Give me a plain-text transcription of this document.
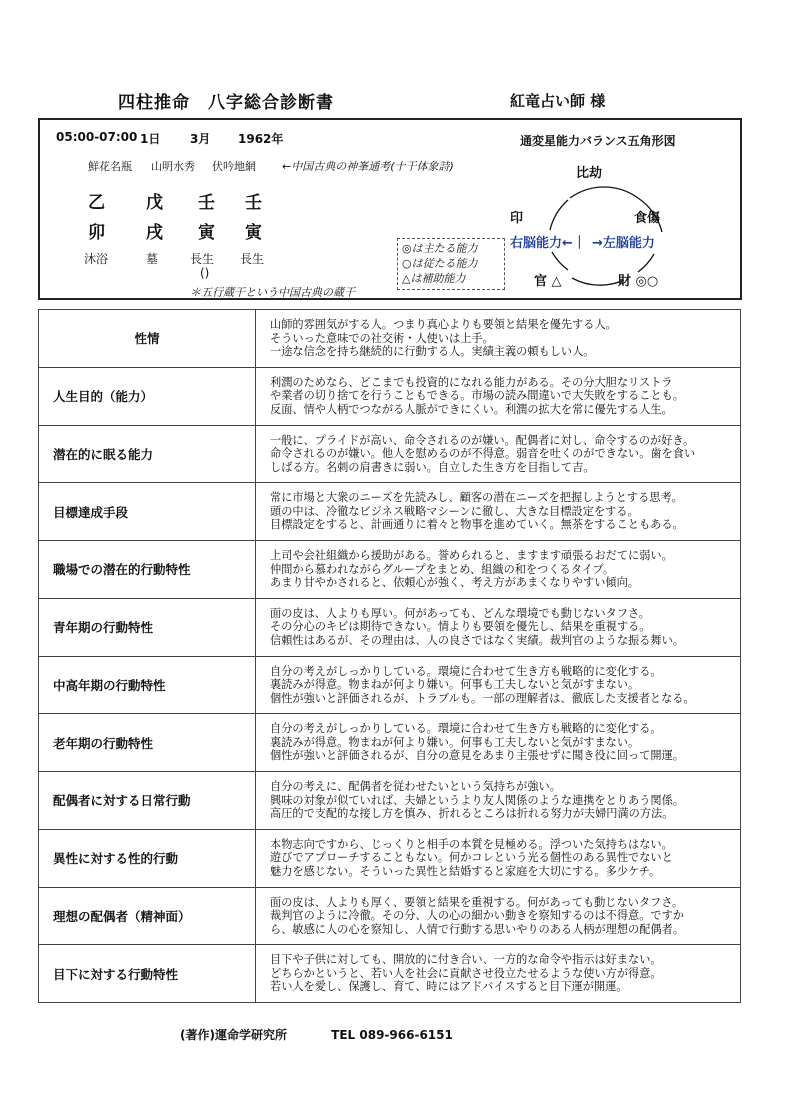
四柱推命　八字総合診断書	紅竜占い師 様
05:00-07:00 1日 3月 1962年
鮮花名瓶 山明水秀 伏吟地網 ←中国古典の神峯通考(十干体象詩)
乙 戊 壬 壬
卯 戌 寅 寅
沐浴	墓	長生 長生
()
＊五行蔵干という中国古典の蔵干
◎は主たる能力
○は従たる能力
△は補助能力
通変星能力バランス五角形図
比劫
印	食傷
右脳能力←｜ →左脳能力
官 △	財 ◎○
性情	山師的雰囲気がする人。つまり真心よりも要領と結果を優先する人。
そういった意味での社交術・人使いは上手。
一途な信念を持ち継続的に行動する人。実績主義の頼もしい人。

人生目的（能力）	利潤のためなら、どこまでも投資的になれる能力がある。その分大胆なリストラ
や業者の切り捨てを行うこともできる。市場の読み間違いで大失敗をすることも。
反面、情や人柄でつながる人脈ができにくい。利潤の拡大を常に優先する人生。

潜在的に眠る能力	一般に、プライドが高い、命令されるのが嫌い。配偶者に対し、命令するのが好き。
命令されるのが嫌い。他人を慰めるのが不得意。弱音を吐くのができない。歯を食い
しばる方。名刺の肩書きに弱い。自立した生き方を目指して吉。

目標達成手段	常に市場と大衆のニーズを先読みし、顧客の潜在ニーズを把握しようとする思考。
頭の中は、冷徹なビジネス戦略マシーンに徹し、大きな目標設定をする。
目標設定をすると、計画通りに着々と物事を進めていく。無茶をすることもある。

職場での潜在的行動特性	上司や会社組織から援助がある。誉められると、ますます頑張るおだてに弱い。
仲間から慕われながらグループをまとめ、組織の和をつくるタイプ。
あまり甘やかされると、依頼心が強く、考え方があまくなりやすい傾向。

青年期の行動特性	面の皮は、人よりも厚い。何があっても、どんな環境でも動じないタフさ。
その分心のキビは期待できない。情よりも要領を優先し、結果を重視する。
信頼性はあるが、その理由は、人の良さではなく実績。裁判官のような振る舞い。

中高年期の行動特性	自分の考えがしっかりしている。環境に合わせて生き方も戦略的に変化する。
裏読みが得意。物まねが何より嫌い。何事も工夫しないと気がすまない。
個性が強いと評価されるが、トラブルも。一部の理解者は、徹底した支援者となる。

老年期の行動特性	自分の考えがしっかりしている。環境に合わせて生き方も戦略的に変化する。
裏読みが得意。物まねが何より嫌い。何事も工夫しないと気がすまない。
個性が強いと評価されるが、自分の意見をあまり主張せずに聞き役に回って開運。

配偶者に対する日常行動	自分の考えに、配偶者を従わせたいという気持ちが強い。
興味の対象が似ていれば、夫婦というより友人関係のような連携をとりあう関係。
高圧的で支配的な接し方を慎み、折れるところは折れる努力が夫婦円満の方法。

異性に対する性的行動	本物志向ですから、じっくりと相手の本質を見極める。浮ついた気持ちはない。
遊びでアプローチすることもない。何かコレという光る個性のある異性でないと
魅力を感じない。そういった異性と結婚すると家庭を大切にする。多少ケチ。

理想の配偶者（精神面）	面の皮は、人よりも厚く、要領と結果を重視する。何があっても動じないタフさ。
裁判官のように冷徹。その分、人の心の細かい動きを察知するのは不得意。ですか
ら、敏感に人の心を察知し、人情で行動する思いやりのある人柄が理想の配偶者。

目下に対する行動特性	目下や子供に対しても、開放的に付き合い、一方的な命令や指示は好まない。
どちらかというと、若い人を社会に貢献させ役立たせるような使い方が得意。
若い人を愛し、保護し、育て、時にはアドバイスすると目下運が開運。
(著作)運命学研究所	TEL 089-966-6151
